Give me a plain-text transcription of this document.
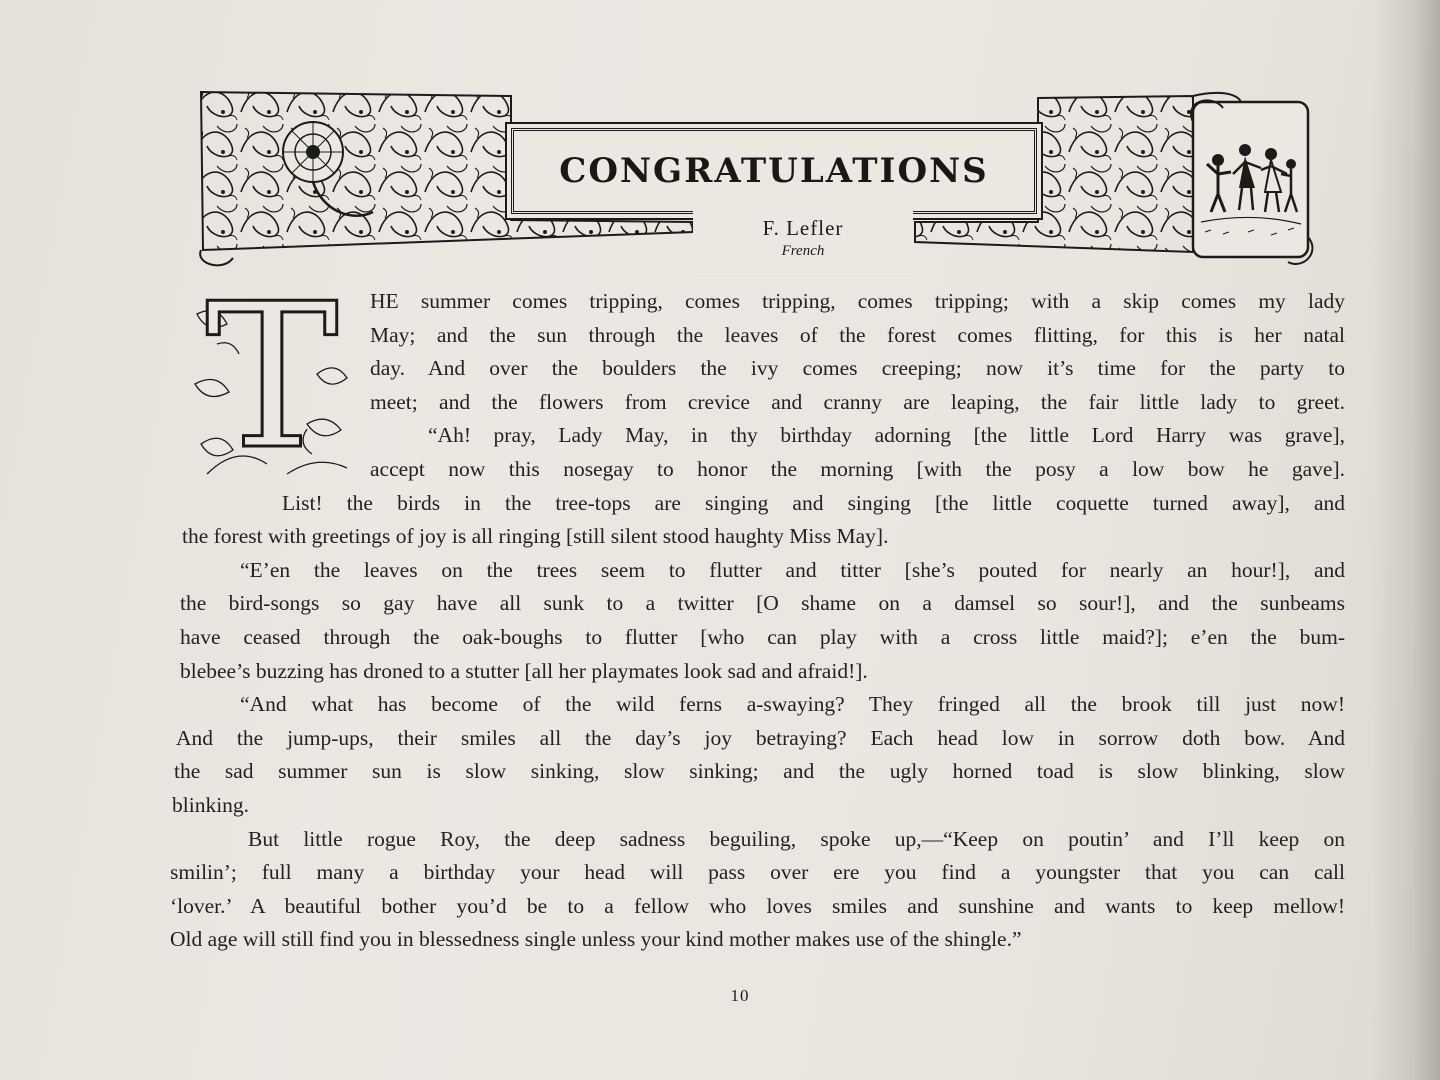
CONGRATULATIONS
F. Lefler
French
T	HE summer comes tripping, comes tripping, comes tripping; with a skip comes my lady
May; and the sun through the leaves of the forest comes flitting, for this is her natal
day. And over the boulders the ivy comes creeping; now it’s time for the party to
meet; and the flowers from crevice and cranny are leaping, the fair little lady to greet.
“Ah! pray, Lady May, in thy birthday adorning [the little Lord Harry was grave],
accept now this nosegay to honor the morning [with the posy a low bow he gave].
List! the birds in the tree-tops are singing and singing [the little coquette turned away], and
the forest with greetings of joy is all ringing [still silent stood haughty Miss May].
“E’en the leaves on the trees seem to flutter and titter [she’s pouted for nearly an hour!], and
the bird-songs so gay have all sunk to a twitter [O shame on a damsel so sour!], and the sunbeams
have ceased through the oak-boughs to flutter [who can play with a cross little maid?]; e’en the bum-
blebee’s buzzing has droned to a stutter [all her playmates look sad and afraid!].
“And what has become of the wild ferns a-swaying? They fringed all the brook till just now!
And the jump-ups, their smiles all the day’s joy betraying? Each head low in sorrow doth bow. And
the sad summer sun is slow sinking, slow sinking; and the ugly horned toad is slow blinking, slow
blinking.
But little rogue Roy, the deep sadness beguiling, spoke up,—“Keep on poutin’ and I’ll keep on
smilin’; full many a birthday your head will pass over ere you find a youngster that you can call
‘lover.’ A beautiful bother you’d be to a fellow who loves smiles and sunshine and wants to keep mellow!
Old age will still find you in blessedness single unless your kind mother makes use of the shingle.”
10
